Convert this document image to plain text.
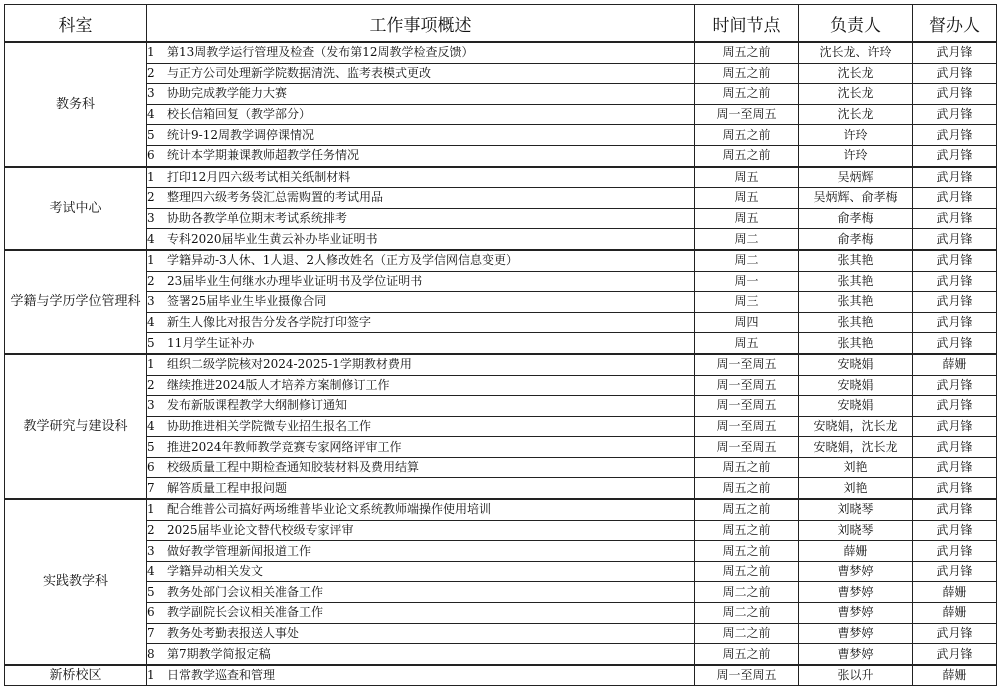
科室	工作事项概述	时间节点	负责人	督办人
教务科	1 第13周教学运行管理及检查（发布第12周教学检查反馈）	周五之前	沈长龙、许玲	武月锋
	2 与正方公司处理新学院数据清洗、监考表模式更改	周五之前	沈长龙	武月锋
	3 协助完成教学能力大赛	周五之前	沈长龙	武月锋
	4 校长信箱回复（教学部分）	周一至周五	沈长龙	武月锋
	5 统计9-12周教学调停课情况	周五之前	许玲	武月锋
	6 统计本学期兼课教师超教学任务情况	周五之前	许玲	武月锋
考试中心	1 打印12月四六级考试相关纸制材料	周五	吴炳辉	武月锋
	2 整理四六级考务袋汇总需购置的考试用品	周五	吴炳辉、俞孝梅	武月锋
	3 协助各教学单位期末考试系统排考	周五	俞孝梅	武月锋
	4 专科2020届毕业生黄云补办毕业证明书	周二	俞孝梅	武月锋
学籍与学历学位管理科	1 学籍异动-3人休、1人退、2人修改姓名（正方及学信网信息变更）	周二	张其艳	武月锋
	2 23届毕业生何继水办理毕业证明书及学位证明书	周一	张其艳	武月锋
	3 签署25届毕业生毕业摄像合同	周三	张其艳	武月锋
	4 新生人像比对报告分发各学院打印签字	周四	张其艳	武月锋
	5 11月学生证补办	周五	张其艳	武月锋
教学研究与建设科	1 组织二级学院核对2024-2025-1学期教材费用	周一至周五	安晓娟	薛姗
	2 继续推进2024版人才培养方案制修订工作	周一至周五	安晓娟	武月锋
	3 发布新版课程教学大纲制修订通知	周一至周五	安晓娟	武月锋
	4 协助推进相关学院微专业招生报名工作	周一至周五	安晓娟，沈长龙	武月锋
	5 推进2024年教师教学竞赛专家网络评审工作	周一至周五	安晓娟，沈长龙	武月锋
	6 校级质量工程中期检查通知胶装材料及费用结算	周五之前	刘艳	武月锋
	7 解答质量工程申报问题	周五之前	刘艳	武月锋
实践教学科	1 配合维普公司搞好两场维普毕业论文系统教师端操作使用培训	周五之前	刘晓琴	武月锋
	2 2025届毕业论文替代校级专家评审	周五之前	刘晓琴	武月锋
	3 做好教学管理新闻报道工作	周五之前	薛姗	武月锋
	4 学籍异动相关发文	周五之前	曹梦婷	武月锋
	5 教务处部门会议相关准备工作	周二之前	曹梦婷	薛姗
	6 教学副院长会议相关准备工作	周二之前	曹梦婷	薛姗
	7 教务处考勤表报送人事处	周二之前	曹梦婷	武月锋
	8 第7期教学简报定稿	周五之前	曹梦婷	武月锋
新桥校区	1 日常教学巡查和管理	周一至周五	张以升	薛姗
